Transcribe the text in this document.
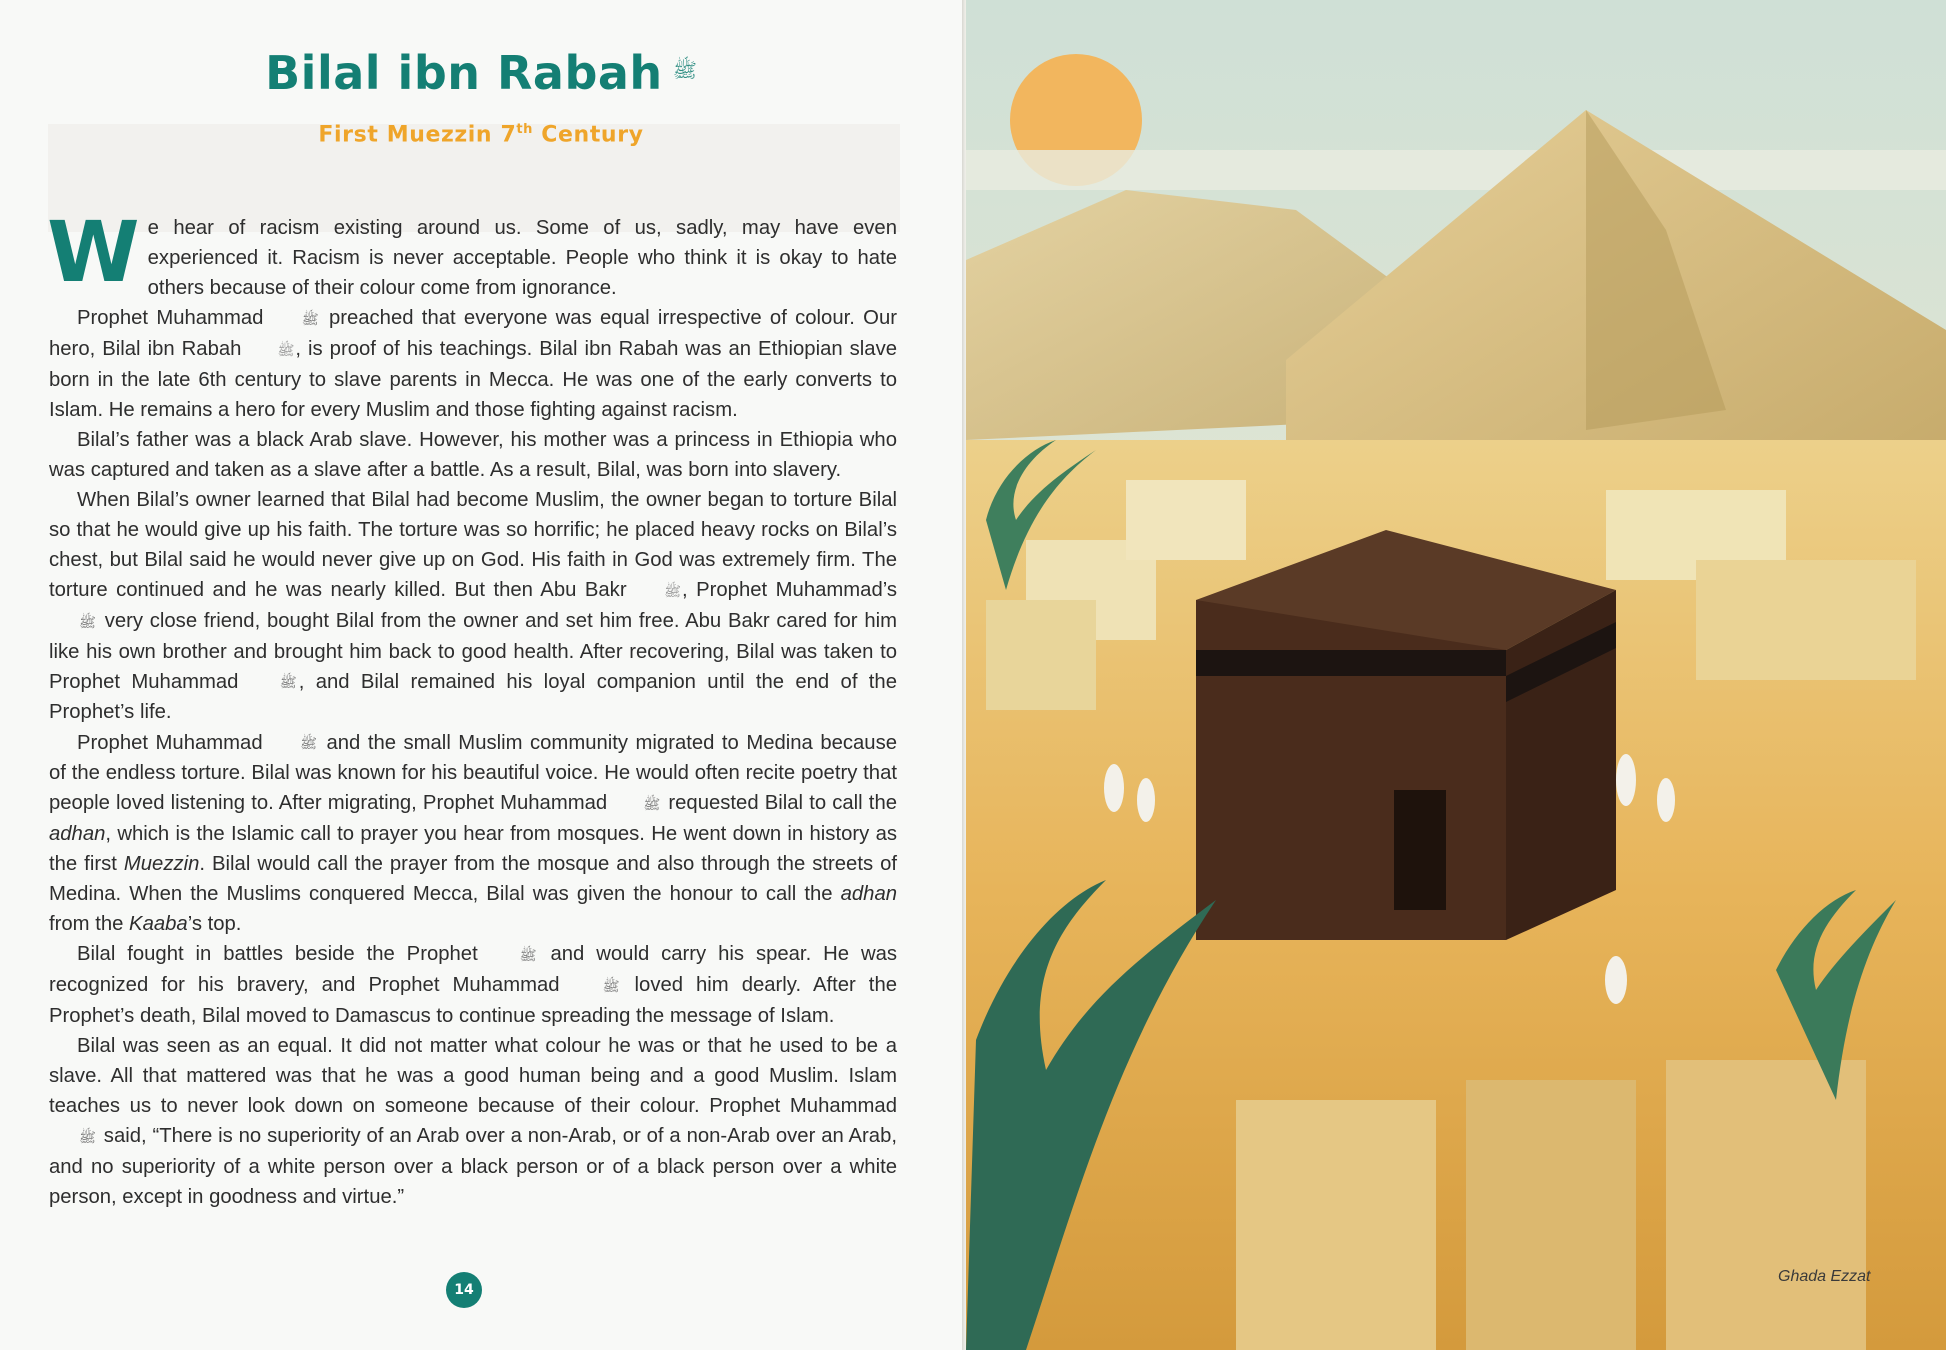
Bilal ibn Rabah ﷺ
First Muezzin 7th Century

We hear of racism existing around us. Some of us, sadly, may have even experienced it. Racism is never acceptable. People who think it is okay to hate others because of their colour come from ignorance.

Prophet Muhammad	ﷺ preached that everyone was equal irrespective of colour. Our hero, Bilal ibn Rabah	ﷺ, is proof of his teachings. Bilal ibn Rabah was an Ethiopian slave born in the late 6th century to slave parents in Mecca. He was one of the early converts to Islam. He remains a hero for every Muslim and those fighting against racism.

Bilal’s father was a black Arab slave. However, his mother was a princess in Ethiopia who was captured and taken as a slave after a battle. As a result, Bilal, was born into slavery.

When Bilal’s owner learned that Bilal had become Muslim, the owner began to torture Bilal so that he would give up his faith. The torture was so horrific; he placed heavy rocks on Bilal’s chest, but Bilal said he would never give up on God. His faith in God was extremely firm. The torture continued and he was nearly killed. But then Abu Bakr	ﷺ, Prophet Muhammad’s ﷺ very close friend, bought Bilal from the owner and set him free. Abu Bakr cared for him like his own brother and brought him back to good health. After recovering, Bilal was taken to Prophet Muhammad	ﷺ, and Bilal remained his loyal companion until the end of the Prophet’s life.

Prophet Muhammad	ﷺ and the small Muslim community migrated to Medina because of the endless torture. Bilal was known for his beautiful voice. He would often recite poetry that people loved listening to. After migrating, Prophet Muhammad	ﷺ requested Bilal to call the adhan, which is the Islamic call to prayer you hear from mosques. He went down in history as the first Muezzin. Bilal would call the prayer from the mosque and also through the streets of Medina. When the Muslims conquered Mecca, Bilal was given the honour to call the adhan from the Kaaba’s top.

Bilal fought in battles beside the Prophet	ﷺ and would carry his spear. He was recognized for his bravery, and Prophet Muhammad	ﷺ loved him dearly. After the Prophet’s death, Bilal moved to Damascus to continue spreading the message of Islam.

Bilal was seen as an equal. It did not matter what colour he was or that he used to be a slave. All that mattered was that he was a good human being and a good Muslim. Islam teaches us to never look down on someone because of their colour. Prophet Muhammad ﷺ said, “There is no superiority of an Arab over a non-Arab, or of a non-Arab over an Arab, and no superiority of a white person over a black person or of a black person over a white person, except in goodness and virtue.”

14
Ghada Ezzat
